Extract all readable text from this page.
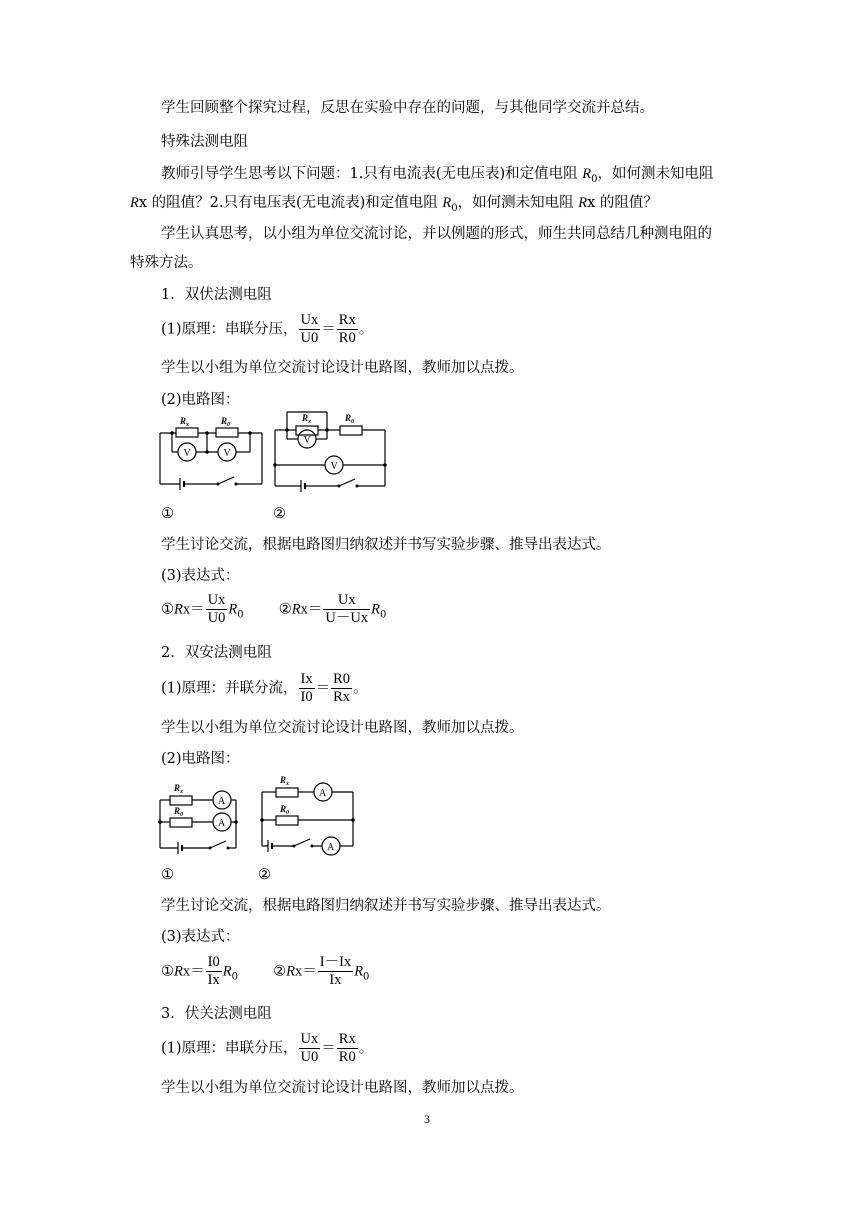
学生回顾整个探究过程，反思在实验中存在的问题，与其他同学交流并总结。
特殊法测电阻
教师引导学生思考以下问题：1.只有电流表(无电压表)和定值电阻 $R_0$，如何测未知电阻
Rx 的阻值？2.只有电压表(无电流表)和定值电阻 $R_0$，如何测未知电阻 Rx 的阻值？
学生认真思考，以小组为单位交流讨论，并以例题的形式，师生共同总结几种测电阻的
特殊方法。
1．双伏法测电阻
(1)原理：串联分压， $\frac{Ux}{U0} = \frac{Rx}{R0}$ 。
学生以小组为单位交流讨论设计电路图，教师加以点拨。
(2)电路图：
$R_x$	$R_0$
V	V
$R_x$	$R_0$
V
V
①	②
学生讨论交流，根据电路图归纳叙述并书写实验步骤、推导出表达式。
(3)表达式：
①Rx＝ $\frac{Ux}{U0} R_0$ ②Rx＝ $\frac{Ux}{U-Ux} R_0$
2．双安法测电阻
(1)原理：并联分流， $\frac{Ix}{I0} = \frac{R0}{Rx}$ 。
学生以小组为单位交流讨论设计电路图，教师加以点拨。
(2)电路图：
$R_x$
$R_0$
A
A
$R_x$
$R_0$
A
A
①	②
学生讨论交流，根据电路图归纳叙述并书写实验步骤、推导出表达式。
(3)表达式：
①Rx＝ $\frac{I0}{Ix} R_0$ ②Rx＝ $\frac{I-Ix}{Ix} R_0$
3．伏关法测电阻
(1)原理：串联分压， $\frac{Ux}{U0} = \frac{Rx}{R0}$ 。
学生以小组为单位交流讨论设计电路图，教师加以点拨。
3
